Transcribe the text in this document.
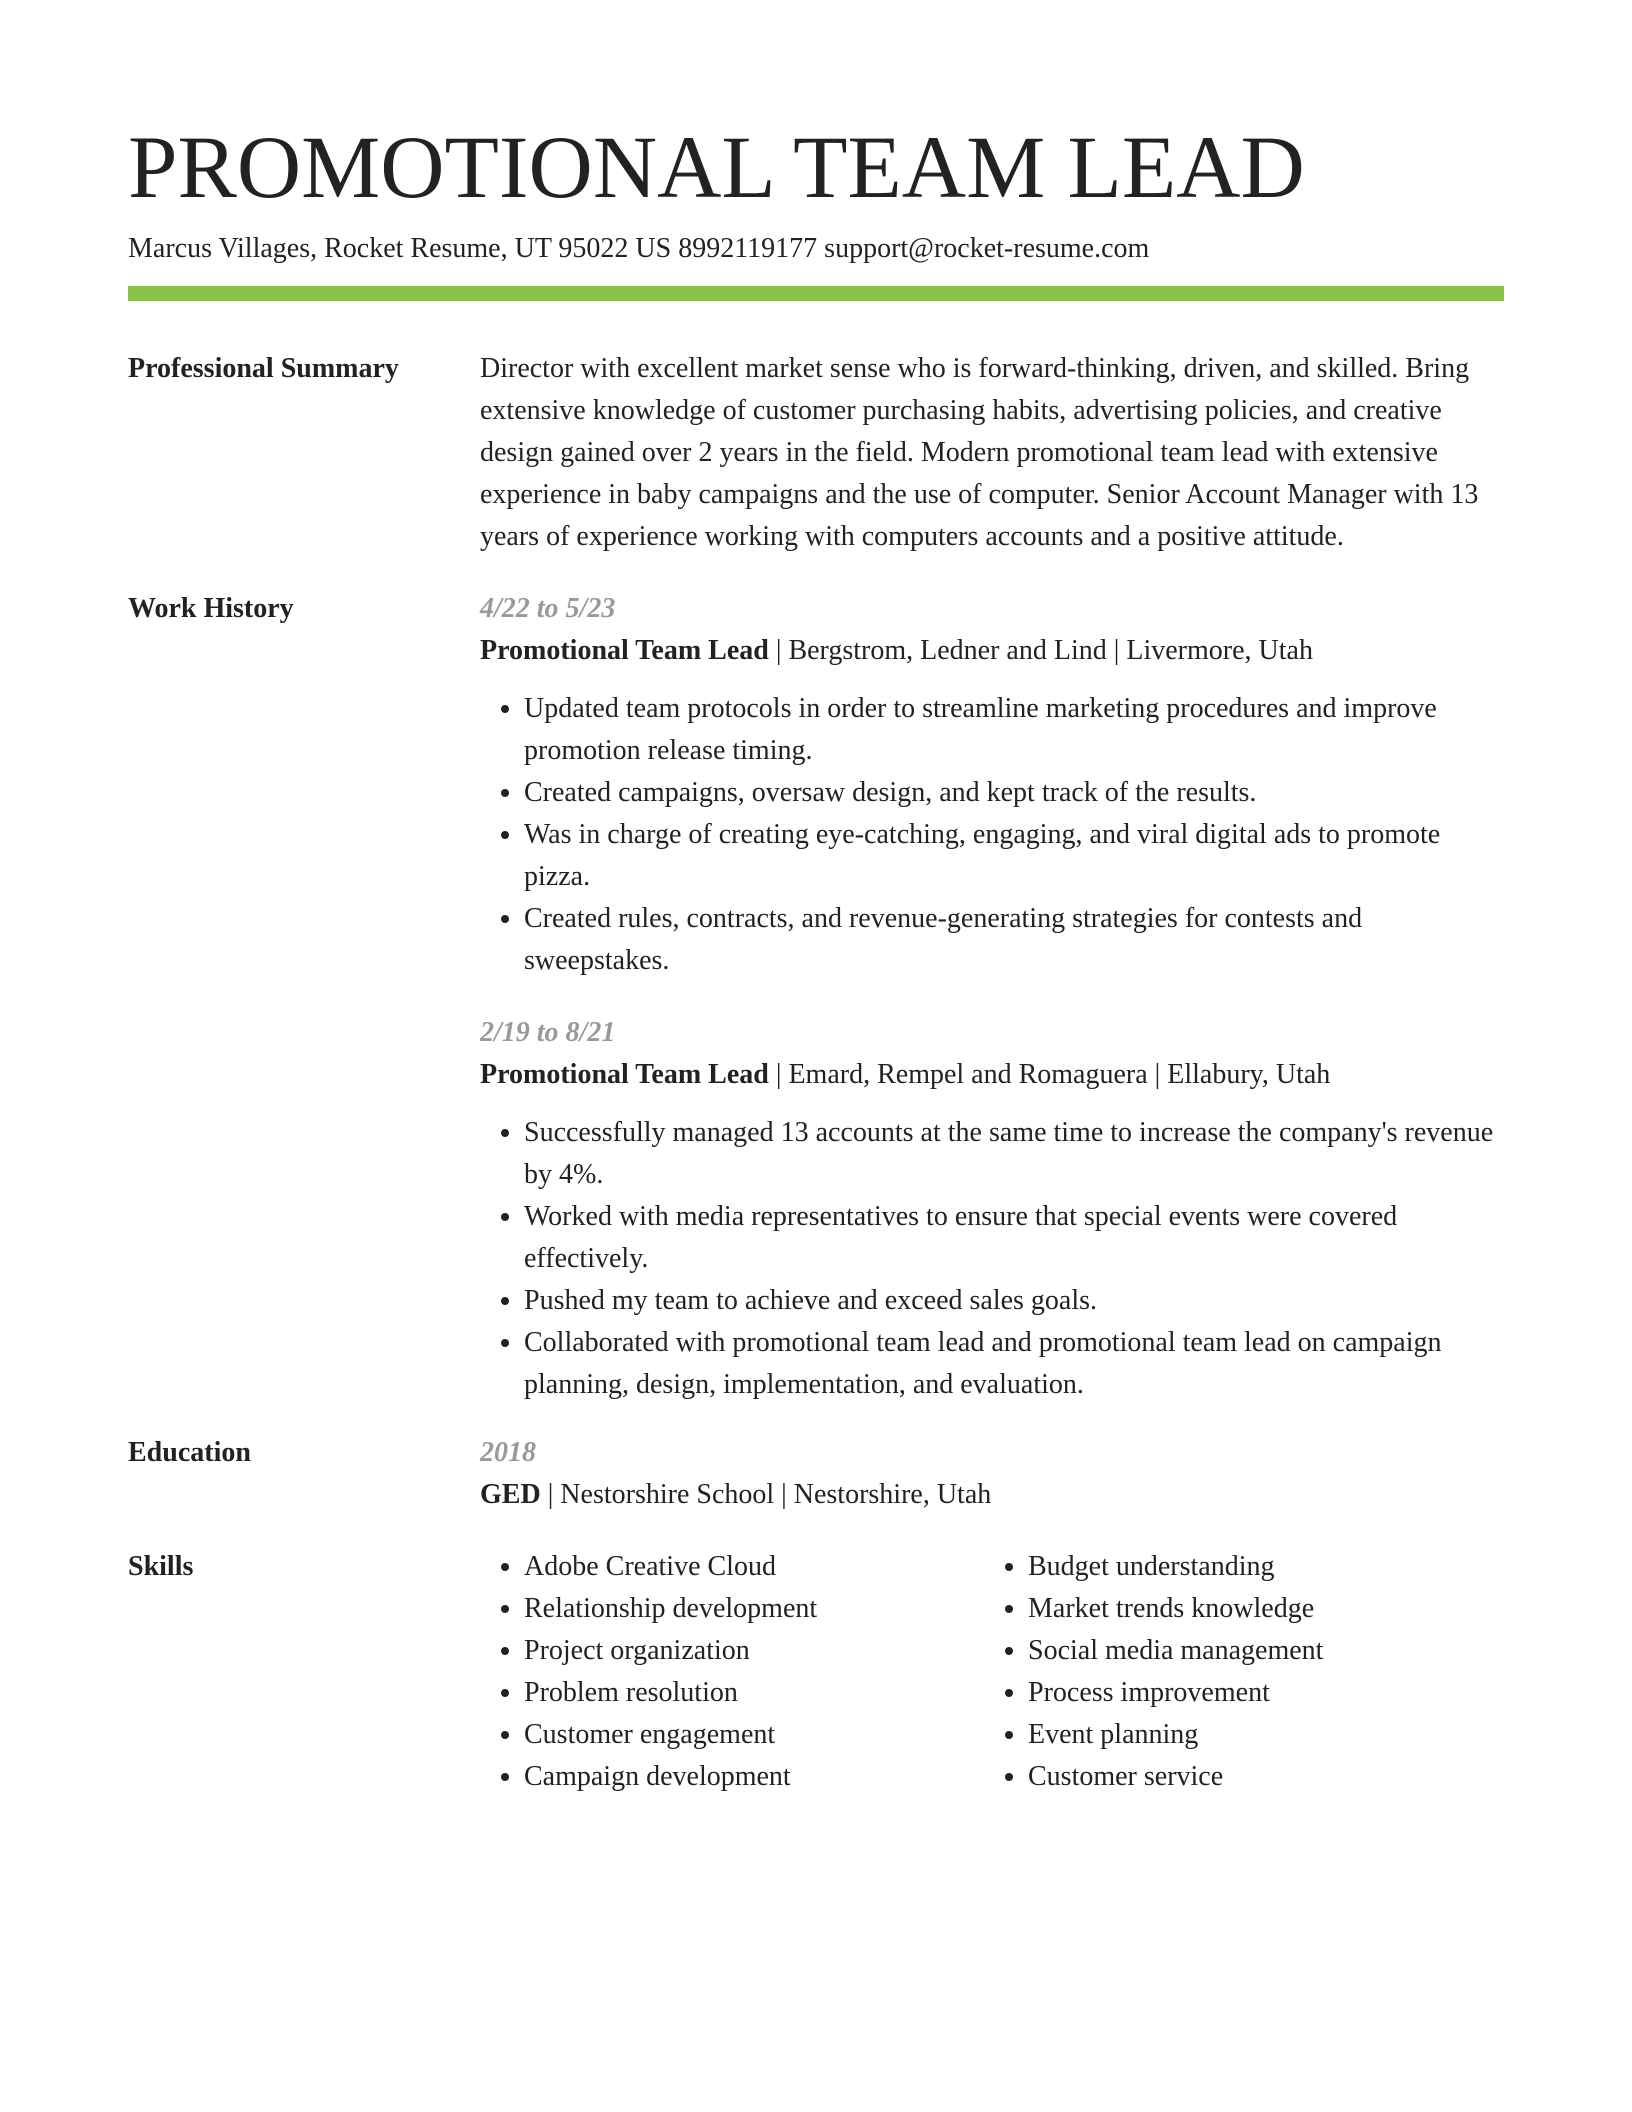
PROMOTIONAL TEAM LEAD
Marcus Villages, Rocket Resume, UT 95022 US 8992119177 support@rocket-resume.com
Professional Summary	Director with excellent market sense who is forward-thinking, driven, and skilled. Bring extensive knowledge of customer purchasing habits, advertising policies, and creative design gained over 2 years in the field. Modern promotional team lead with extensive experience in baby campaigns and the use of computer. Senior Account Manager with 13 years of experience working with computers accounts and a positive attitude.

Work History	4/22 to 5/23
Promotional Team Lead | Bergstrom, Ledner and Lind | Livermore, Utah
• Updated team protocols in order to streamline marketing procedures and improve promotion release timing.
• Created campaigns, oversaw design, and kept track of the results.
• Was in charge of creating eye-catching, engaging, and viral digital ads to promote pizza.
• Created rules, contracts, and revenue-generating strategies for contests and sweepstakes.
2/19 to 8/21
Promotional Team Lead | Emard, Rempel and Romaguera | Ellabury, Utah
• Successfully managed 13 accounts at the same time to increase the company's revenue by 4%.
• Worked with media representatives to ensure that special events were covered effectively.
• Pushed my team to achieve and exceed sales goals.
• Collaborated with promotional team lead and promotional team lead on campaign planning, design, implementation, and evaluation.
Education	2018
GED | Nestorshire School | Nestorshire, Utah
Skills
•	Adobe Creative Cloud
• Relationship development
• Project organization
• Problem resolution
• Customer engagement
• Campaign development
• Budget understanding
• Market trends knowledge
• Social media management
• Process improvement
• Event planning
• Customer service
